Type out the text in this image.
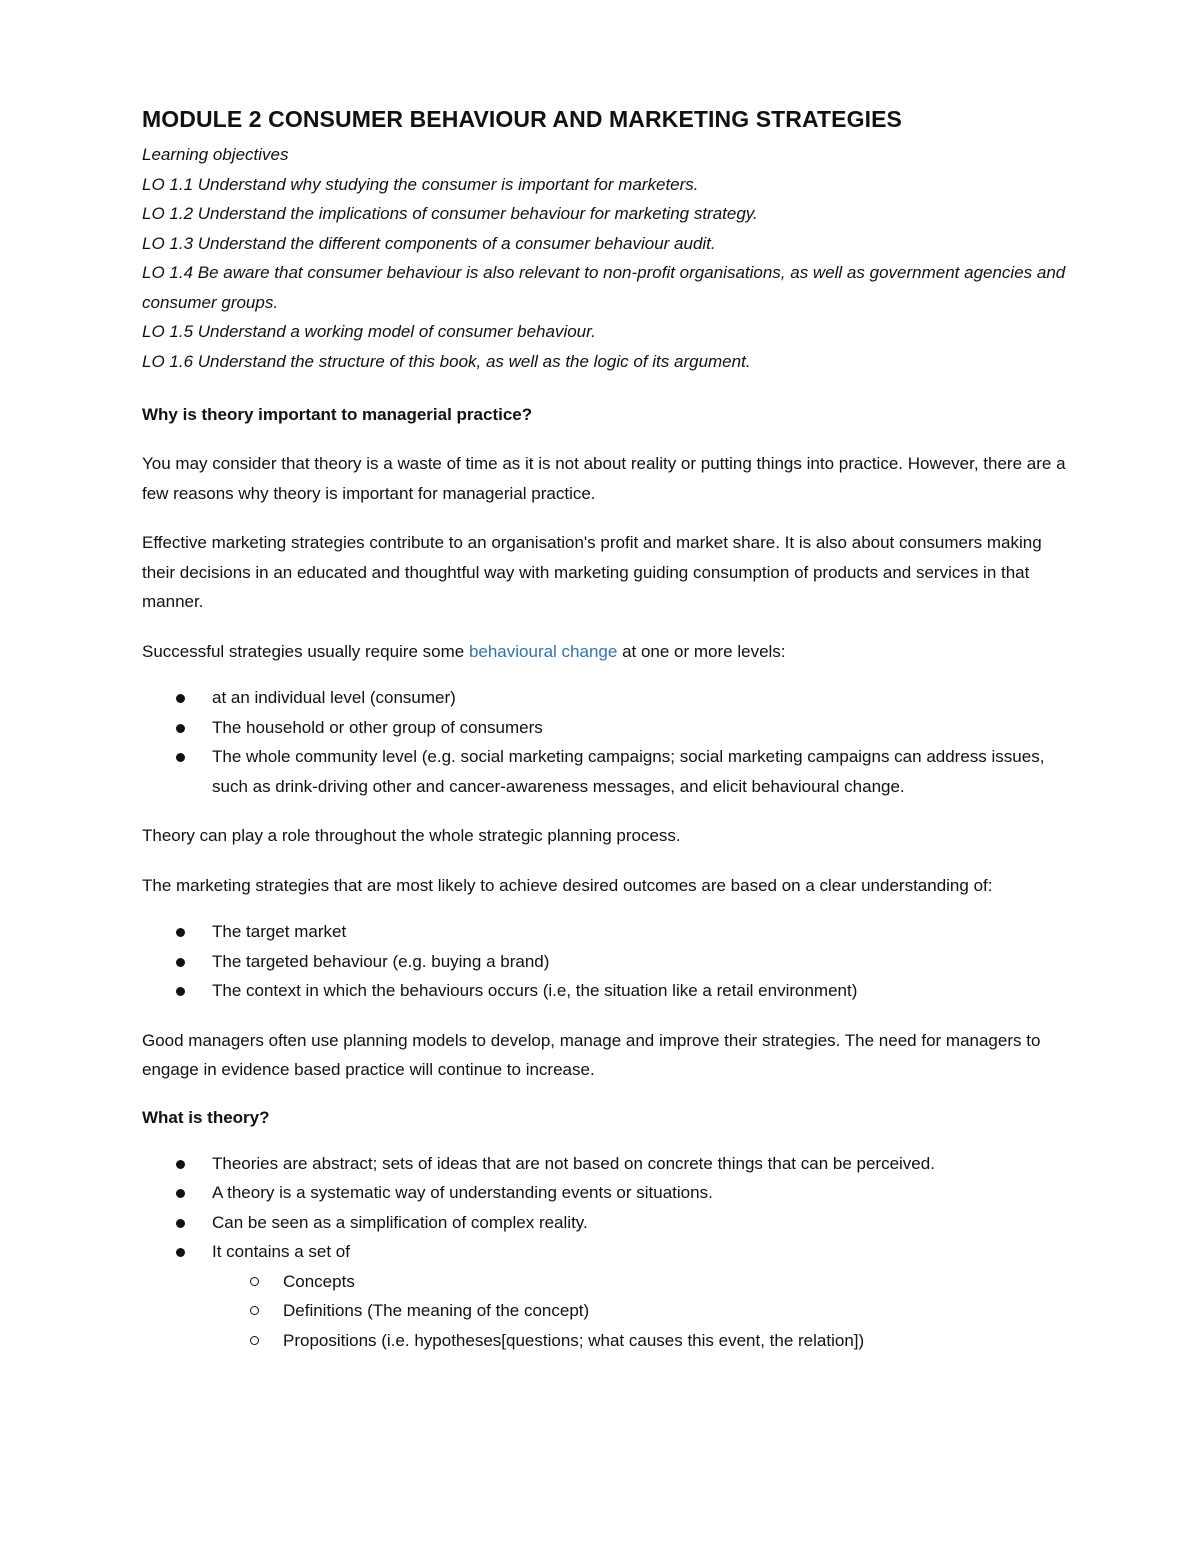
MODULE 2 CONSUMER BEHAVIOUR AND MARKETING STRATEGIES
Learning objectives
LO 1.1 Understand why studying the consumer is important for marketers.
LO 1.2 Understand the implications of consumer behaviour for marketing strategy.
LO 1.3 Understand the different components of a consumer behaviour audit.
LO 1.4 Be aware that consumer behaviour is also relevant to non-profit organisations, as well as government agencies and consumer groups.
LO 1.5 Understand a working model of consumer behaviour.
LO 1.6 Understand the structure of this book, as well as the logic of its argument.
Why is theory important to managerial practice?

You may consider that theory is a waste of time as it is not about reality or putting things into practice. However, there are a few reasons why theory is important for managerial practice.

Effective marketing strategies contribute to an organisation's profit and market share. It is also about consumers making their decisions in an educated and thoughtful way with marketing guiding consumption of products and services in that manner.

Successful strategies usually require some behavioural change at one or more levels:

at an individual level (consumer)
The household or other group of consumers
The whole community level (e.g. social marketing campaigns; social marketing campaigns can address issues, such as drink-driving other and cancer-awareness messages, and elicit behavioural change.

Theory can play a role throughout the whole strategic planning process.

The marketing strategies that are most likely to achieve desired outcomes are based on a clear understanding of:

The target market
The targeted behaviour (e.g. buying a brand)
The context in which the behaviours occurs (i.e, the situation like a retail environment)

Good managers often use planning models to develop, manage and improve their strategies. The need for managers to engage in evidence based practice will continue to increase.

What is theory?
Theories are abstract; sets of ideas that are not based on concrete things that can be perceived.
A theory is a systematic way of understanding events or situations.
Can be seen as a simplification of complex reality.
It contains a set of
Concepts
Definitions (The meaning of the concept)
Propositions (i.e. hypotheses[questions; what causes this event, the relation])
